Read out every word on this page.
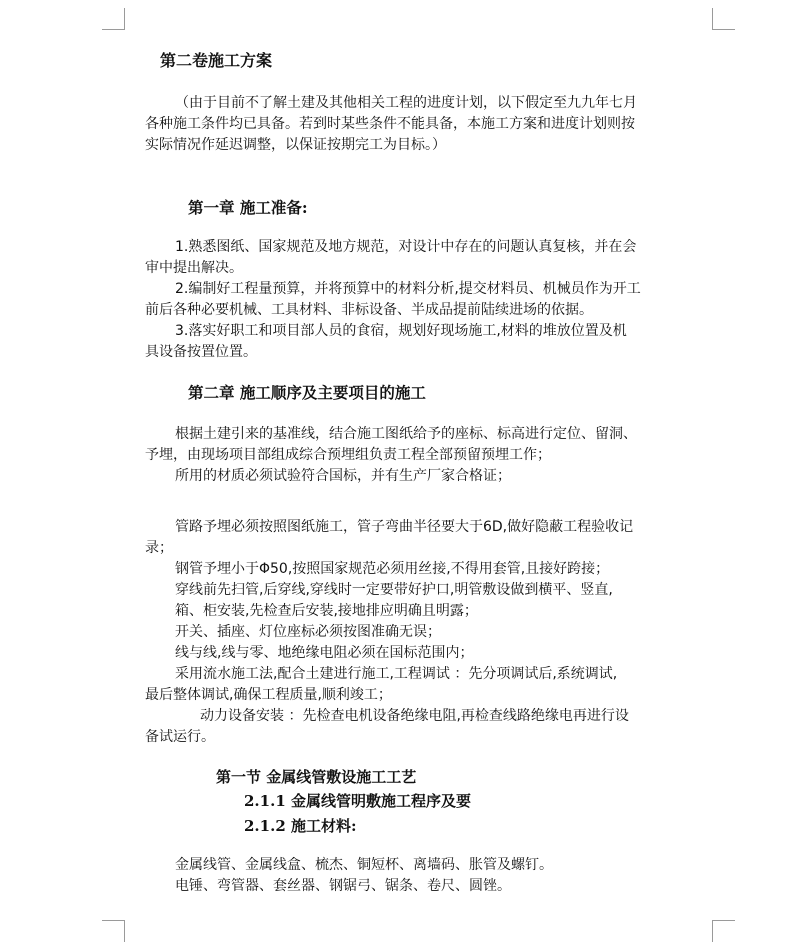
第二卷施工方案
（由于目前不了解土建及其他相关工程的进度计划，以下假定至九九年七月
各种施工条件均已具备。若到时某些条件不能具备，本施工方案和进度计划则按
实际情况作延迟调整，以保证按期完工为目标。）
第一章 施工准备:
1.熟悉图纸、国家规范及地方规范，对设计中存在的问题认真复核，并在会
审中提出解决。
2.编制好工程量预算，并将预算中的材料分析,提交材料员、机械员作为开工
前后各种必要机械、工具材料、非标设备、半成品提前陆续进场的依据。
3.落实好职工和项目部人员的食宿，规划好现场施工,材料的堆放位置及机
具设备按置位置。
第二章 施工顺序及主要项目的施工
根据土建引来的基准线，结合施工图纸给予的座标、标高进行定位、留洞、
予埋，由现场项目部组成综合预埋组负责工程全部预留预埋工作；
所用的材质必须试验符合国标，并有生产厂家合格证；
管路予埋必须按照图纸施工，管子弯曲半径要大于6D,做好隐蔽工程验收记
录；
钢管予埋小于Φ50,按照国家规范必须用丝接,不得用套管,且接好跨接；
穿线前先扫管,后穿线,穿线时一定要带好护口,明管敷设做到横平、竖直,
箱、柜安装,先检查后安装,接地排应明确且明露；
开关、插座、灯位座标必须按图准确无误；
线与线,线与零、地绝缘电阻必须在国标范围内；
采用流水施工法,配合土建进行施工,工程调试 ：先分项调试后,系统调试,
最后整体调试,确保工程质量,顺利竣工；
动力设备安装 ：先检查电机设备绝缘电阻,再检查线路绝缘电再进行设
备试运行。
第一节 金属线管敷设施工工艺
2.1.1 金属线管明敷施工程序及要
2.1.2 施工材料:
金属线管、金属线盒、梳杰、铜短杯、离墙码、胀管及螺钉。
电锤、弯管器、套丝器、钢锯弓、锯条、卷尺、圆锉。
